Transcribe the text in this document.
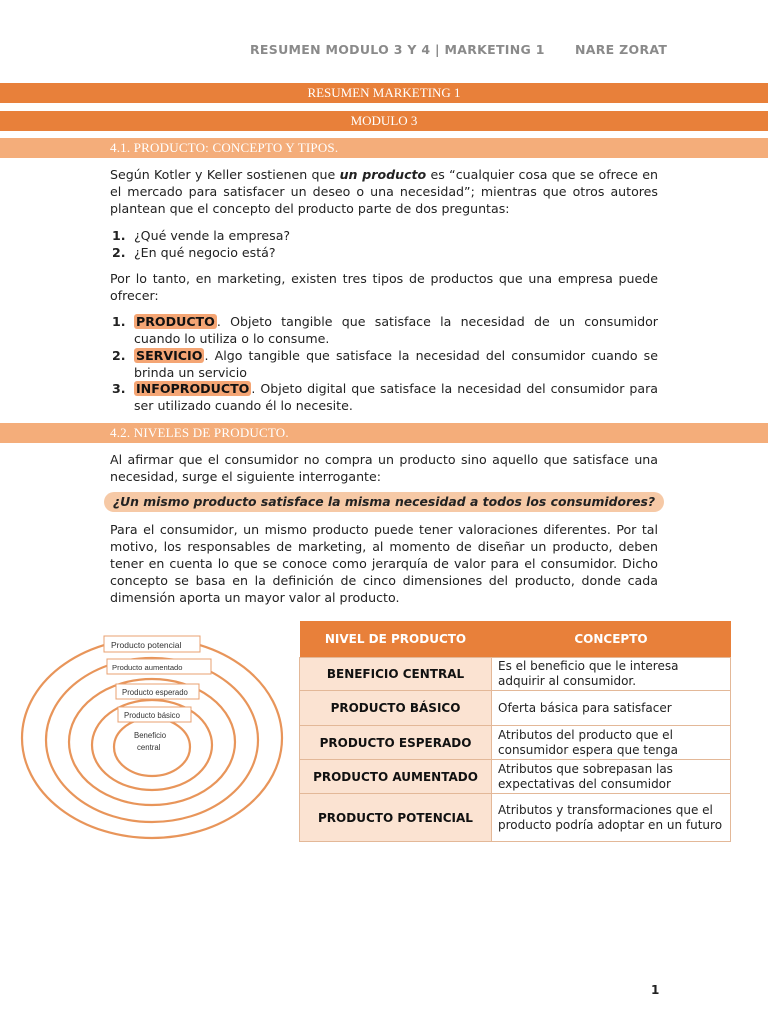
RESUMEN MODULO 3 Y 4 | MARKETING 1 NARE ZORAT
RESUMEN MARKETING 1
MODULO 3
4.1. PRODUCTO: CONCEPTO Y TIPOS.
Según Kotler y Keller sostienen que un producto es “cualquier cosa que se ofrece en el mercado para satisfacer un deseo o una necesidad”; mientras que otros autores plantean que el concepto del producto parte de dos preguntas:
1. ¿Qué vende la empresa?
2. ¿En qué negocio está?
Por lo tanto, en marketing, existen tres tipos de productos que una empresa puede ofrecer:
1. PRODUCTO . Objeto tangible que satisface la necesidad de un consumidor cuando lo utiliza o lo consume.
2. SERVICIO . Algo tangible que satisface la necesidad del consumidor cuando se brinda un servicio
3. INFOPRODUCTO . Objeto digital que satisface la necesidad del consumidor para ser utilizado cuando él lo necesite.
4.2. NIVELES DE PRODUCTO.
Al afirmar que el consumidor no compra un producto sino aquello que satisface una necesidad, surge el siguiente interrogante:
¿Un mismo producto satisface la misma necesidad a todos los consumidores?
Para el consumidor, un mismo producto puede tener valoraciones diferentes. Por tal motivo, los responsables de marketing, al momento de diseñar un producto, deben tener en cuenta lo que se conoce como jerarquía de valor para el consumidor. Dicho concepto se basa en la definición de cinco dimensiones del producto, donde cada dimensión aporta un mayor valor al producto.
Producto potencial
Producto aumentado
Producto esperado
Producto básico
Beneficio
central
NIVEL DE PRODUCTO	CONCEPTO
BENEFICIO CENTRAL	Es el beneficio que le interesa adquirir al consumidor.
PRODUCTO BÁSICO	Oferta básica para satisfacer
PRODUCTO ESPERADO	Atributos del producto que el consumidor espera que tenga
PRODUCTO AUMENTADO	Atributos que sobrepasan las expectativas del consumidor
PRODUCTO POTENCIAL	Atributos y transformaciones que el producto podría adoptar en un futuro
1
